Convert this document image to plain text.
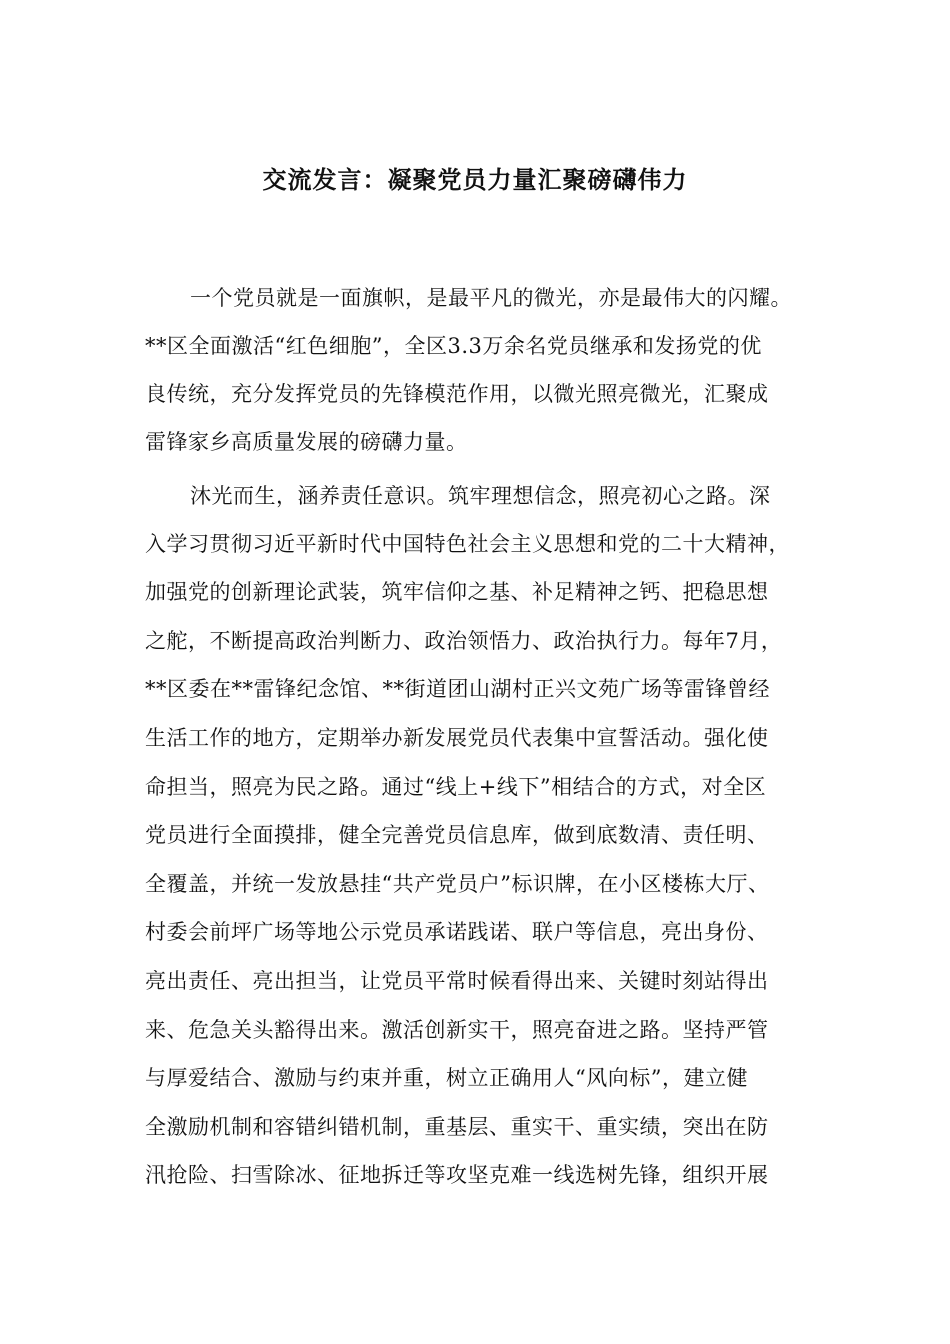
交流发言：凝聚党员力量汇聚磅礴伟力
一个党员就是一面旗帜，是最平凡的微光，亦是最伟大的闪耀。
**区全面激活“红色细胞”，全区3.3万余名党员继承和发扬党的优
良传统，充分发挥党员的先锋模范作用，以微光照亮微光，汇聚成
雷锋家乡高质量发展的磅礴力量。
沐光而生，涵养责任意识。筑牢理想信念，照亮初心之路。深
入学习贯彻习近平新时代中国特色社会主义思想和党的二十大精神，
加强党的创新理论武装，筑牢信仰之基、补足精神之钙、把稳思想
之舵，不断提高政治判断力、政治领悟力、政治执行力。每年7月，
**区委在**雷锋纪念馆、**街道团山湖村正兴文苑广场等雷锋曾经
生活工作的地方，定期举办新发展党员代表集中宣誓活动。强化使
命担当，照亮为民之路。通过“线上+线下”相结合的方式，对全区
党员进行全面摸排，健全完善党员信息库，做到底数清、责任明、
全覆盖，并统一发放悬挂“共产党员户”标识牌，在小区楼栋大厅、
村委会前坪广场等地公示党员承诺践诺、联户等信息，亮出身份、
亮出责任、亮出担当，让党员平常时候看得出来、关键时刻站得出
来、危急关头豁得出来。激活创新实干，照亮奋进之路。坚持严管
与厚爱结合、激励与约束并重，树立正确用人“风向标”，建立健
全激励机制和容错纠错机制，重基层、重实干、重实绩，突出在防
汛抢险、扫雪除冰、征地拆迁等攻坚克难一线选树先锋，组织开展
